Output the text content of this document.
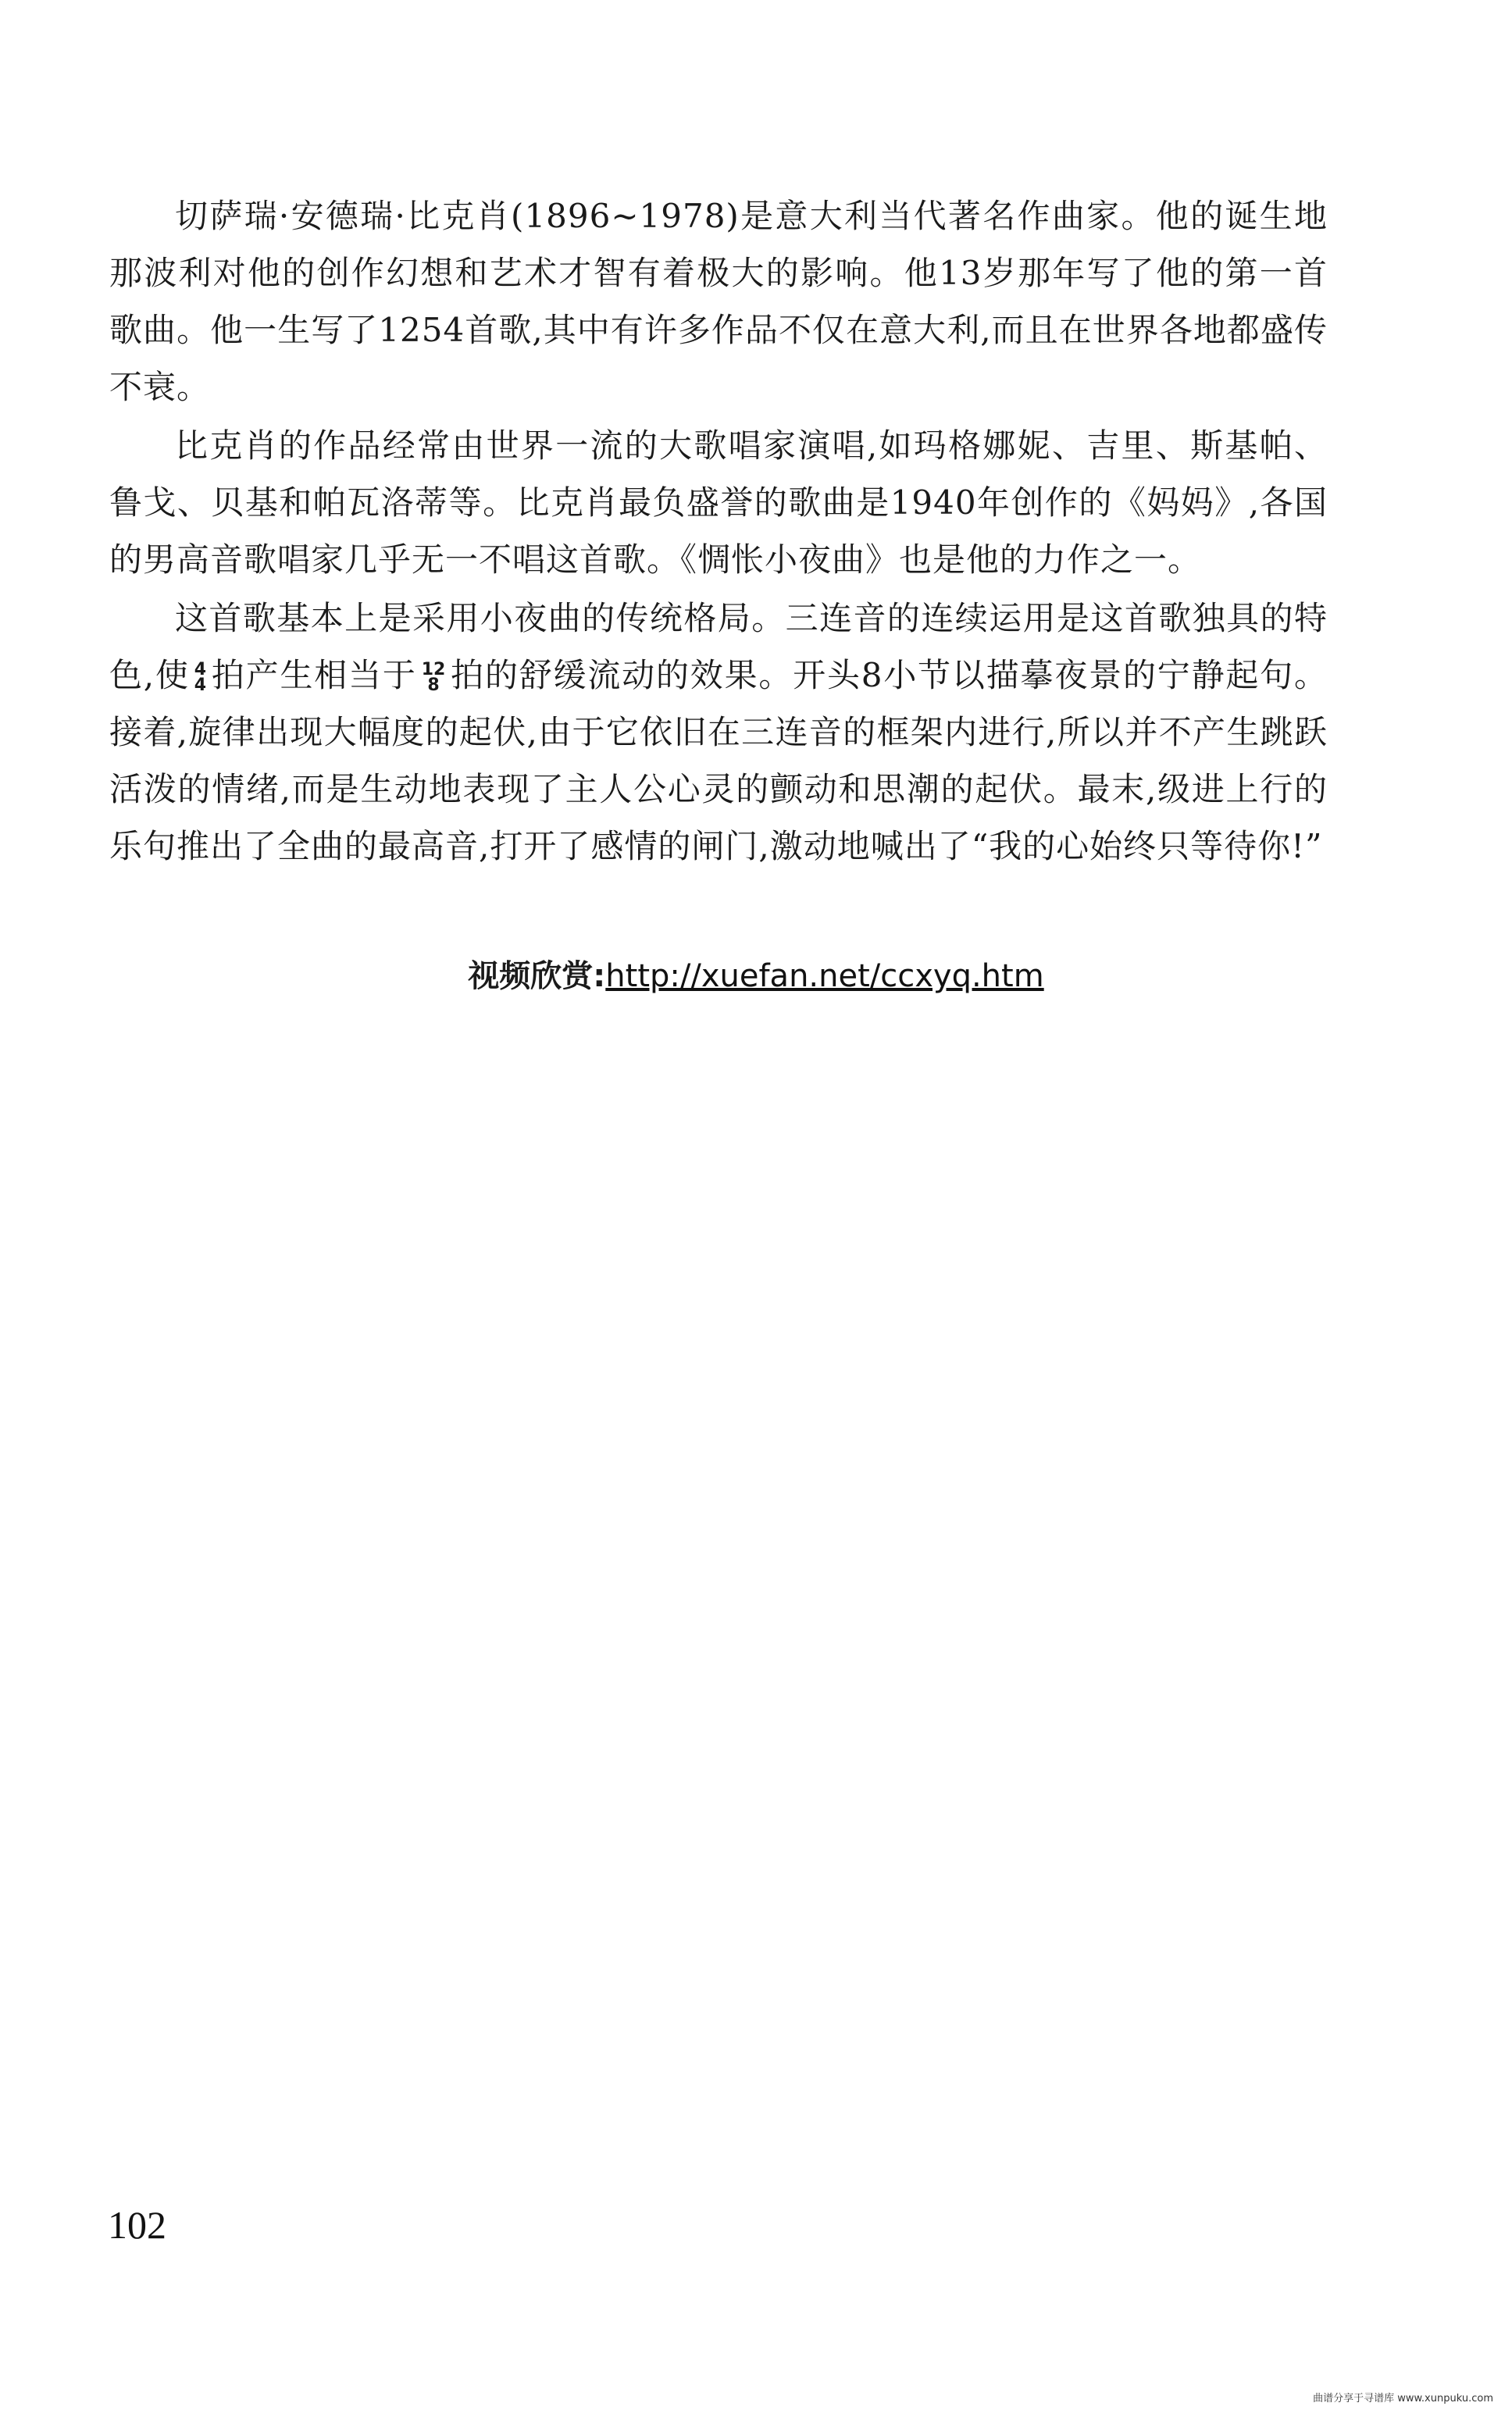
切萨瑞·安德瑞·比克肖(1896~1978)是意大利当代著名作曲家。他的诞生地那波利对他的创作幻想和艺术才智有着极大的影响。他13岁那年写了他的第一首歌曲。他一生写了1254首歌,其中有许多作品不仅在意大利,而且在世界各地都盛传不衰。

比克肖的作品经常由世界一流的大歌唱家演唱,如玛格娜妮、吉里、斯基帕、鲁戈、贝基和帕瓦洛蒂等。比克肖最负盛誉的歌曲是1940年创作的《妈妈》,各国的男高音歌唱家几乎无一不唱这首歌。《惆怅小夜曲》也是他的力作之一。

这首歌基本上是采用小夜曲的传统格局。三连音的连续运用是这首歌独具的特色,使 4
4 拍产生相当于 12
8 拍的舒缓流动的效果。开头8小节以描摹夜景的宁静起句。接着,旋律出现大幅度的起伏,由于它依旧在三连音的框架内进行,所以并不产生跳跃活泼的情绪,而是生动地表现了主人公心灵的颤动和思潮的起伏。最末,级进上行的乐句推出了全曲的最高音,打开了感情的闸门,激动地喊出了“我的心始终只等待你!”

视频欣赏:http://xuefan.net/ccxyq.htm
102
曲谱分享于寻谱库 www.xunpuku.com
